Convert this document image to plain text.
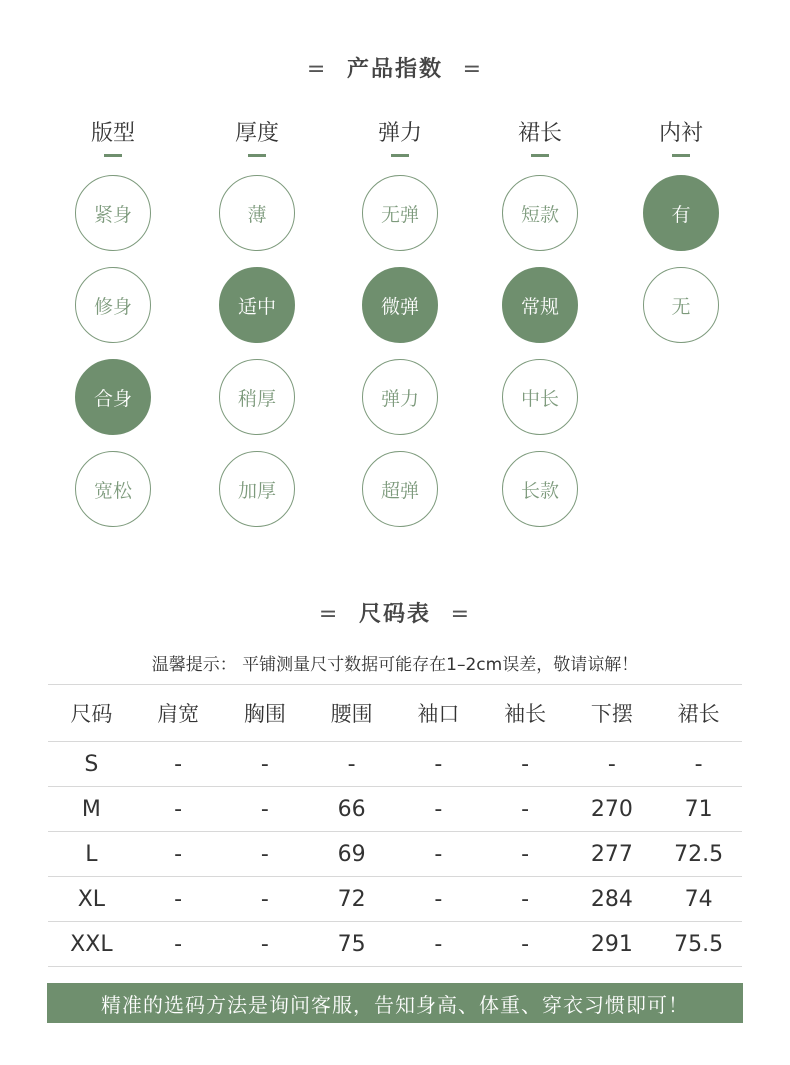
= 产品指数 =
版型
紧身
修身
合身
宽松
厚度
薄
适中
稍厚
加厚
弹力
无弹
微弹
弹力
超弹
裙长
短款
常规
中长
长款
内衬
有
无
= 尺码表 =
温馨提示： 平铺测量尺寸数据可能存在1–2cm误差，敬请谅解！
尺码	肩宽	胸围	腰围	袖口	袖长	下摆	裙长
S	-	-	-	-	-	-	-
M	-	-	66	-	-	270	71
L	-	-	69	-	-	277	72.5
XL	-	-	72	-	-	284	74
XXL	-	-	75	-	-	291	75.5
精准的选码方法是询问客服，告知身高、体重、穿衣习惯即可！
